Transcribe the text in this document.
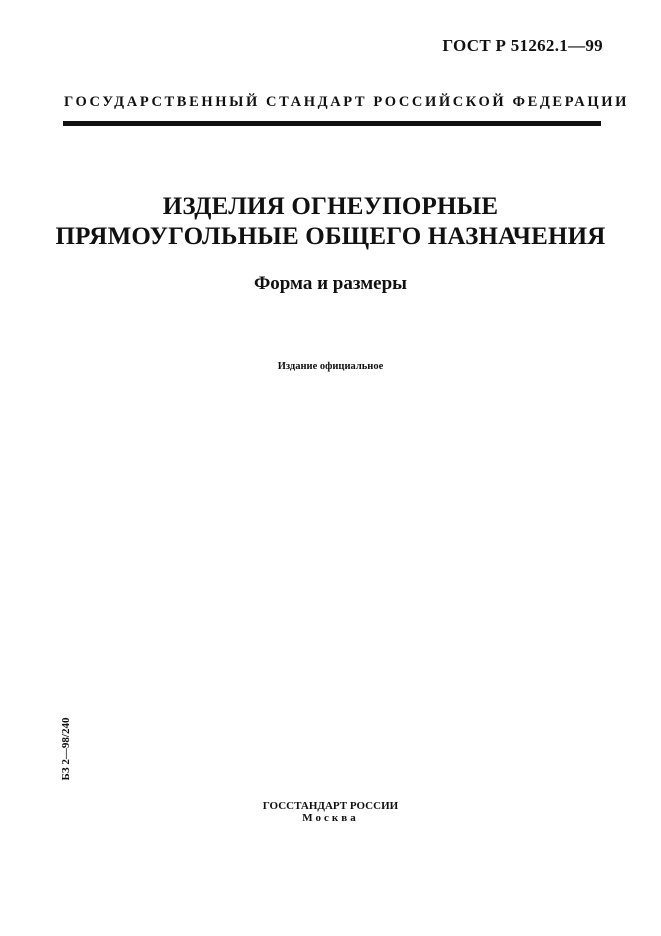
ГОСТ Р 51262.1—99
ГОСУДАРСТВЕННЫЙ СТАНДАРТ РОССИЙСКОЙ ФЕДЕРАЦИИ
ИЗДЕЛИЯ ОГНЕУПОРНЫЕ
ПРЯМОУГОЛЬНЫЕ ОБЩЕГО НАЗНАЧЕНИЯ
Форма и размеры
Издание официальное
БЗ 2—98/240
ГОССТАНДАРТ РОССИИ
Москва
